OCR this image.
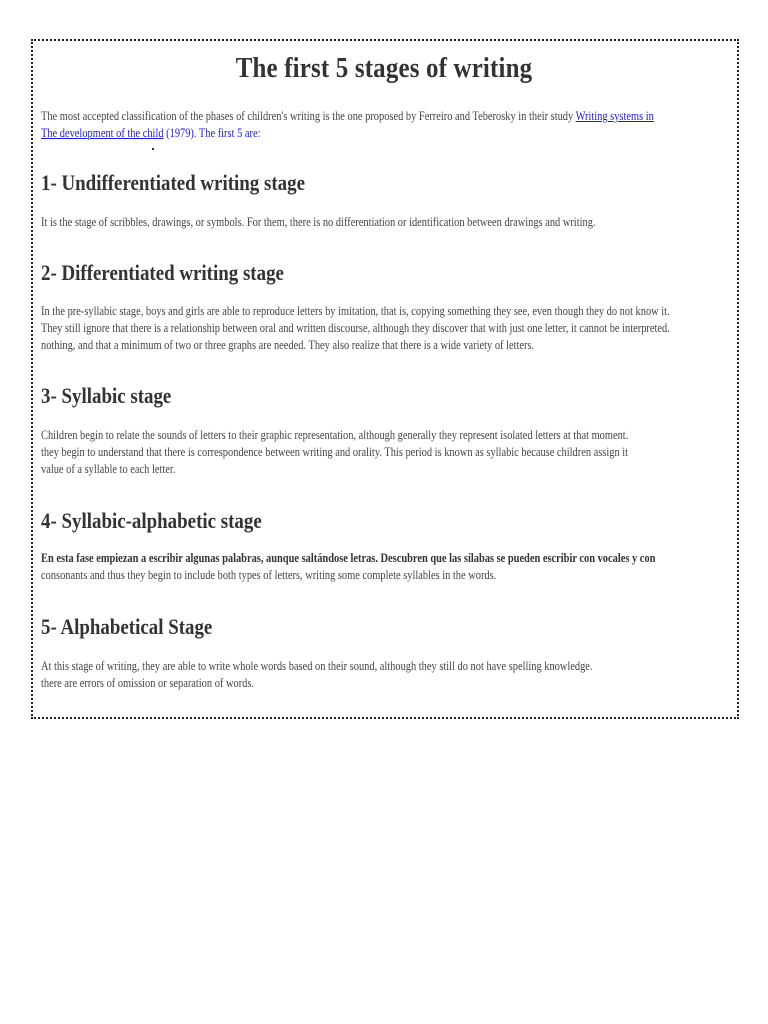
The first 5 stages of writing

The most accepted classification of the phases of children's writing is the one proposed by Ferreiro and Teberosky in their study Writing systems in
The development of the child (1979). The first 5 are:

1- Undifferentiated writing stage

It is the stage of scribbles, drawings, or symbols. For them, there is no differentiation or identification between drawings and writing.

2- Differentiated writing stage

In the pre-syllabic stage, boys and girls are able to reproduce letters by imitation, that is, copying something they see, even though they do not know it.
They still ignore that there is a relationship between oral and written discourse, although they discover that with just one letter, it cannot be interpreted.
nothing, and that a minimum of two or three graphs are needed. They also realize that there is a wide variety of letters.

3- Syllabic stage

Children begin to relate the sounds of letters to their graphic representation, although generally they represent isolated letters at that moment.
they begin to understand that there is correspondence between writing and orality. This period is known as syllabic because children assign it
value of a syllable to each letter.

4- Syllabic-alphabetic stage

En esta fase empiezan a escribir algunas palabras, aunque saltándose letras. Descubren que las sílabas se pueden escribir con vocales y con
consonants and thus they begin to include both types of letters, writing some complete syllables in the words.

5- Alphabetical Stage

At this stage of writing, they are able to write whole words based on their sound, although they still do not have spelling knowledge.
there are errors of omission or separation of words.
